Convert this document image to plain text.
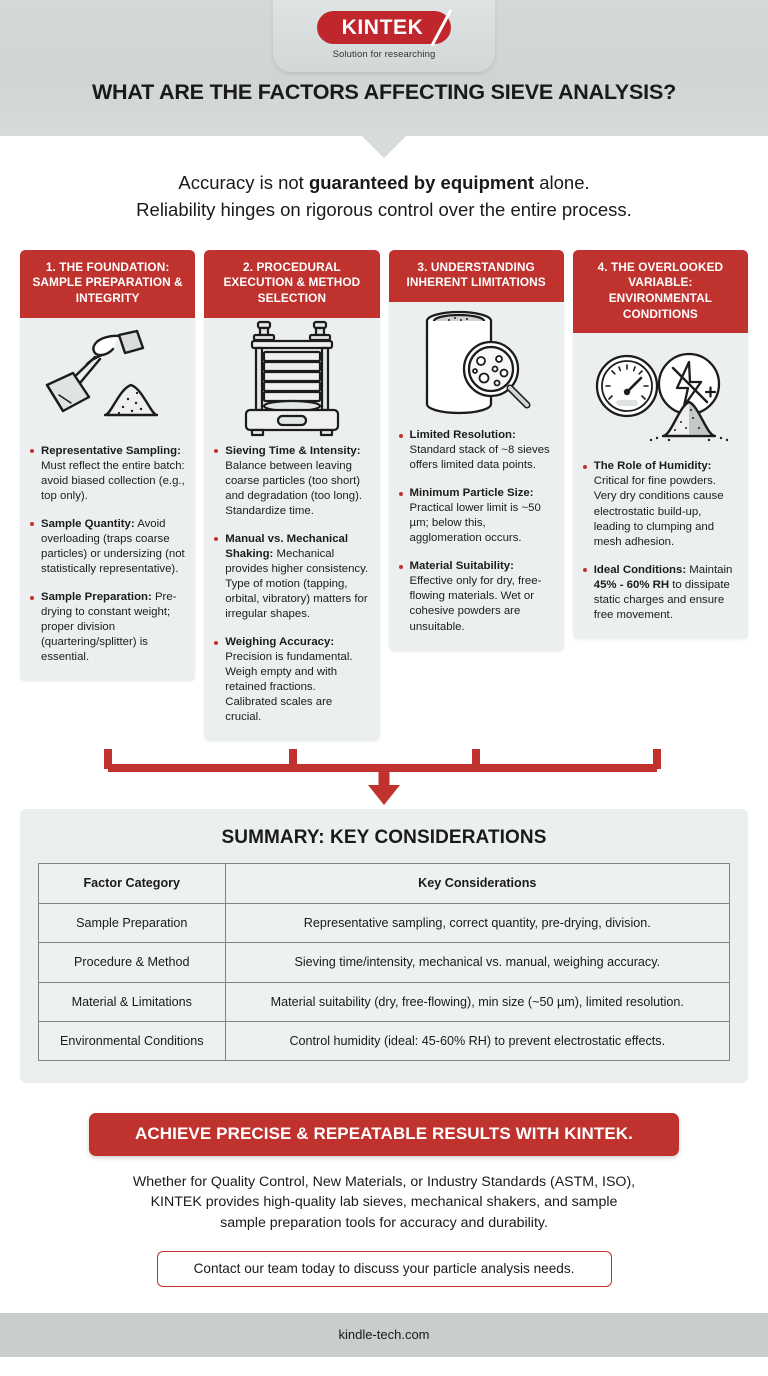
KINTEK
Solution for researching
WHAT ARE THE FACTORS AFFECTING SIEVE ANALYSIS?
Accuracy is not guaranteed by equipment alone.
Reliability hinges on rigorous control over the entire process.
1. THE FOUNDATION: SAMPLE PREPARATION & INTEGRITY
Representative Sampling: Must reflect the entire batch: avoid biased collection (e.g., top only).
Sample Quantity: Avoid overloading (traps coarse particles) or undersizing (not statistically representative).
Sample Preparation: Pre-drying to constant weight; proper division (quartering/splitter) is essential.
2. PROCEDURAL EXECUTION & METHOD SELECTION
Sieving Time & Intensity: Balance between leaving coarse particles (too short) and degradation (too long). Standardize time.
Manual vs. Mechanical Shaking: Mechanical provides higher consistency. Type of motion (tapping, orbital, vibratory) matters for irregular shapes.
Weighing Accuracy: Precision is fundamental. Weigh empty and with retained fractions. Calibrated scales are crucial.
3. UNDERSTANDING INHERENT LIMITATIONS
Limited Resolution: Standard stack of ~8 sieves offers limited data points.
Minimum Particle Size: Practical lower limit is ~50 µm; below this, agglomeration occurs.
Material Suitability: Effective only for dry, free-flowing materials. Wet or cohesive powders are unsuitable.
4. THE OVERLOOKED VARIABLE: ENVIRONMENTAL CONDITIONS
The Role of Humidity: Critical for fine powders. Very dry conditions cause electrostatic build-up, leading to clumping and mesh adhesion.
Ideal Conditions: Maintain 45% - 60% RH to dissipate static charges and ensure free movement.
SUMMARY: KEY CONSIDERATIONS
Factor Category	Key Considerations
Sample Preparation	Representative sampling, correct quantity, pre-drying, division.
Procedure & Method	Sieving time/intensity, mechanical vs. manual, weighing accuracy.
Material & Limitations	Material suitability (dry, free-flowing), min size (~50 µm), limited resolution.
Environmental Conditions	Control humidity (ideal: 45-60% RH) to prevent electrostatic effects.
ACHIEVE PRECISE & REPEATABLE RESULTS WITH KINTEK.
Whether for Quality Control, New Materials, or Industry Standards (ASTM, ISO),
KINTEK provides high-quality lab sieves, mechanical shakers, and sample
sample preparation tools for accuracy and durability.
Contact our team today to discuss your particle analysis needs.
kindle-tech.com
